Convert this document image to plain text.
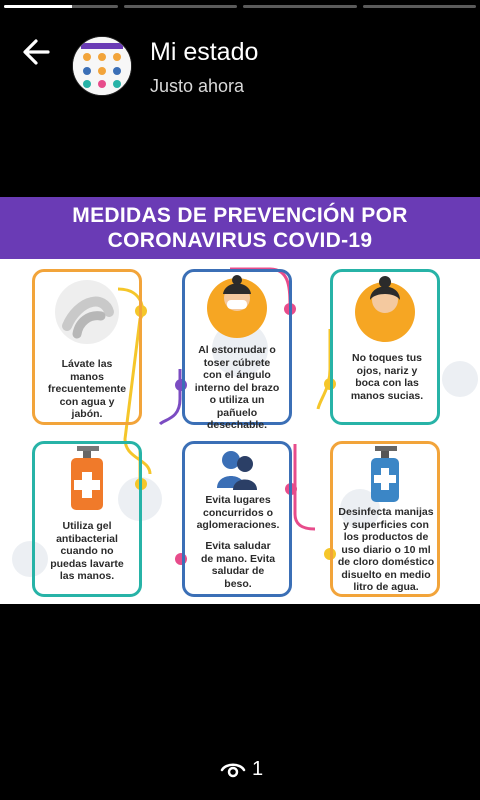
Mi estado
Justo ahora
MEDIDAS DE PREVENCIÓN POR
CORONAVIRUS COVID-19
Lávate las manos frecuentemente con agua y jabón.
Al estornudar o toser cúbrete con el ángulo interno del brazo o utiliza un pañuelo desechable.
No toques tus ojos, nariz y boca con las manos sucias.
Utiliza gel antibacterial cuando no puedas lavarte las manos.
Evita lugares concurridos o aglomeraciones.
Evita saludar de mano. Evita saludar de beso.
Desinfecta manijas y superficies con los productos de uso diario o 10 ml de cloro doméstico disuelto en medio litro de agua.
1
